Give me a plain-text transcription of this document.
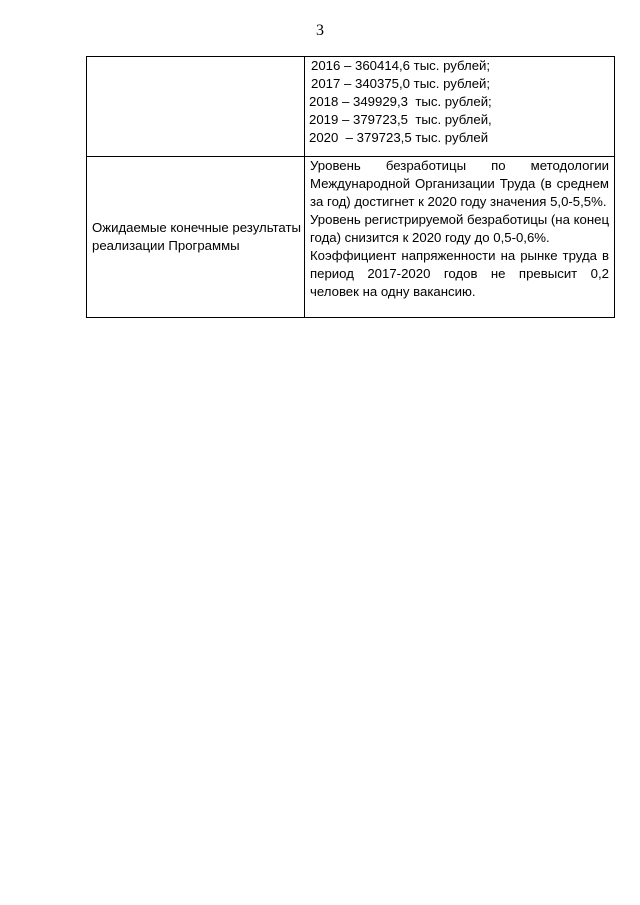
3

	2016 – 360414,6 тыс. рублей;
2017 – 340375,0 тыс. рублей;
2018 – 349929,3  тыс. рублей;
2019 – 379723,5  тыс. рублей,
2020  – 379723,5 тыс. рублей

Ожидаемые конечные результаты реализации Программы	Уровень безработицы по методологии Международной Организации Труда (в среднем за год) достигнет к 2020 году значения 5,0-5,5%.
Уровень регистрируемой безработицы (на конец года) снизится к 2020 году до 0,5-0,6%.
Коэффициент напряженности на рынке труда в период 2017-2020 годов не превысит 0,2 человек на одну вакансию.
